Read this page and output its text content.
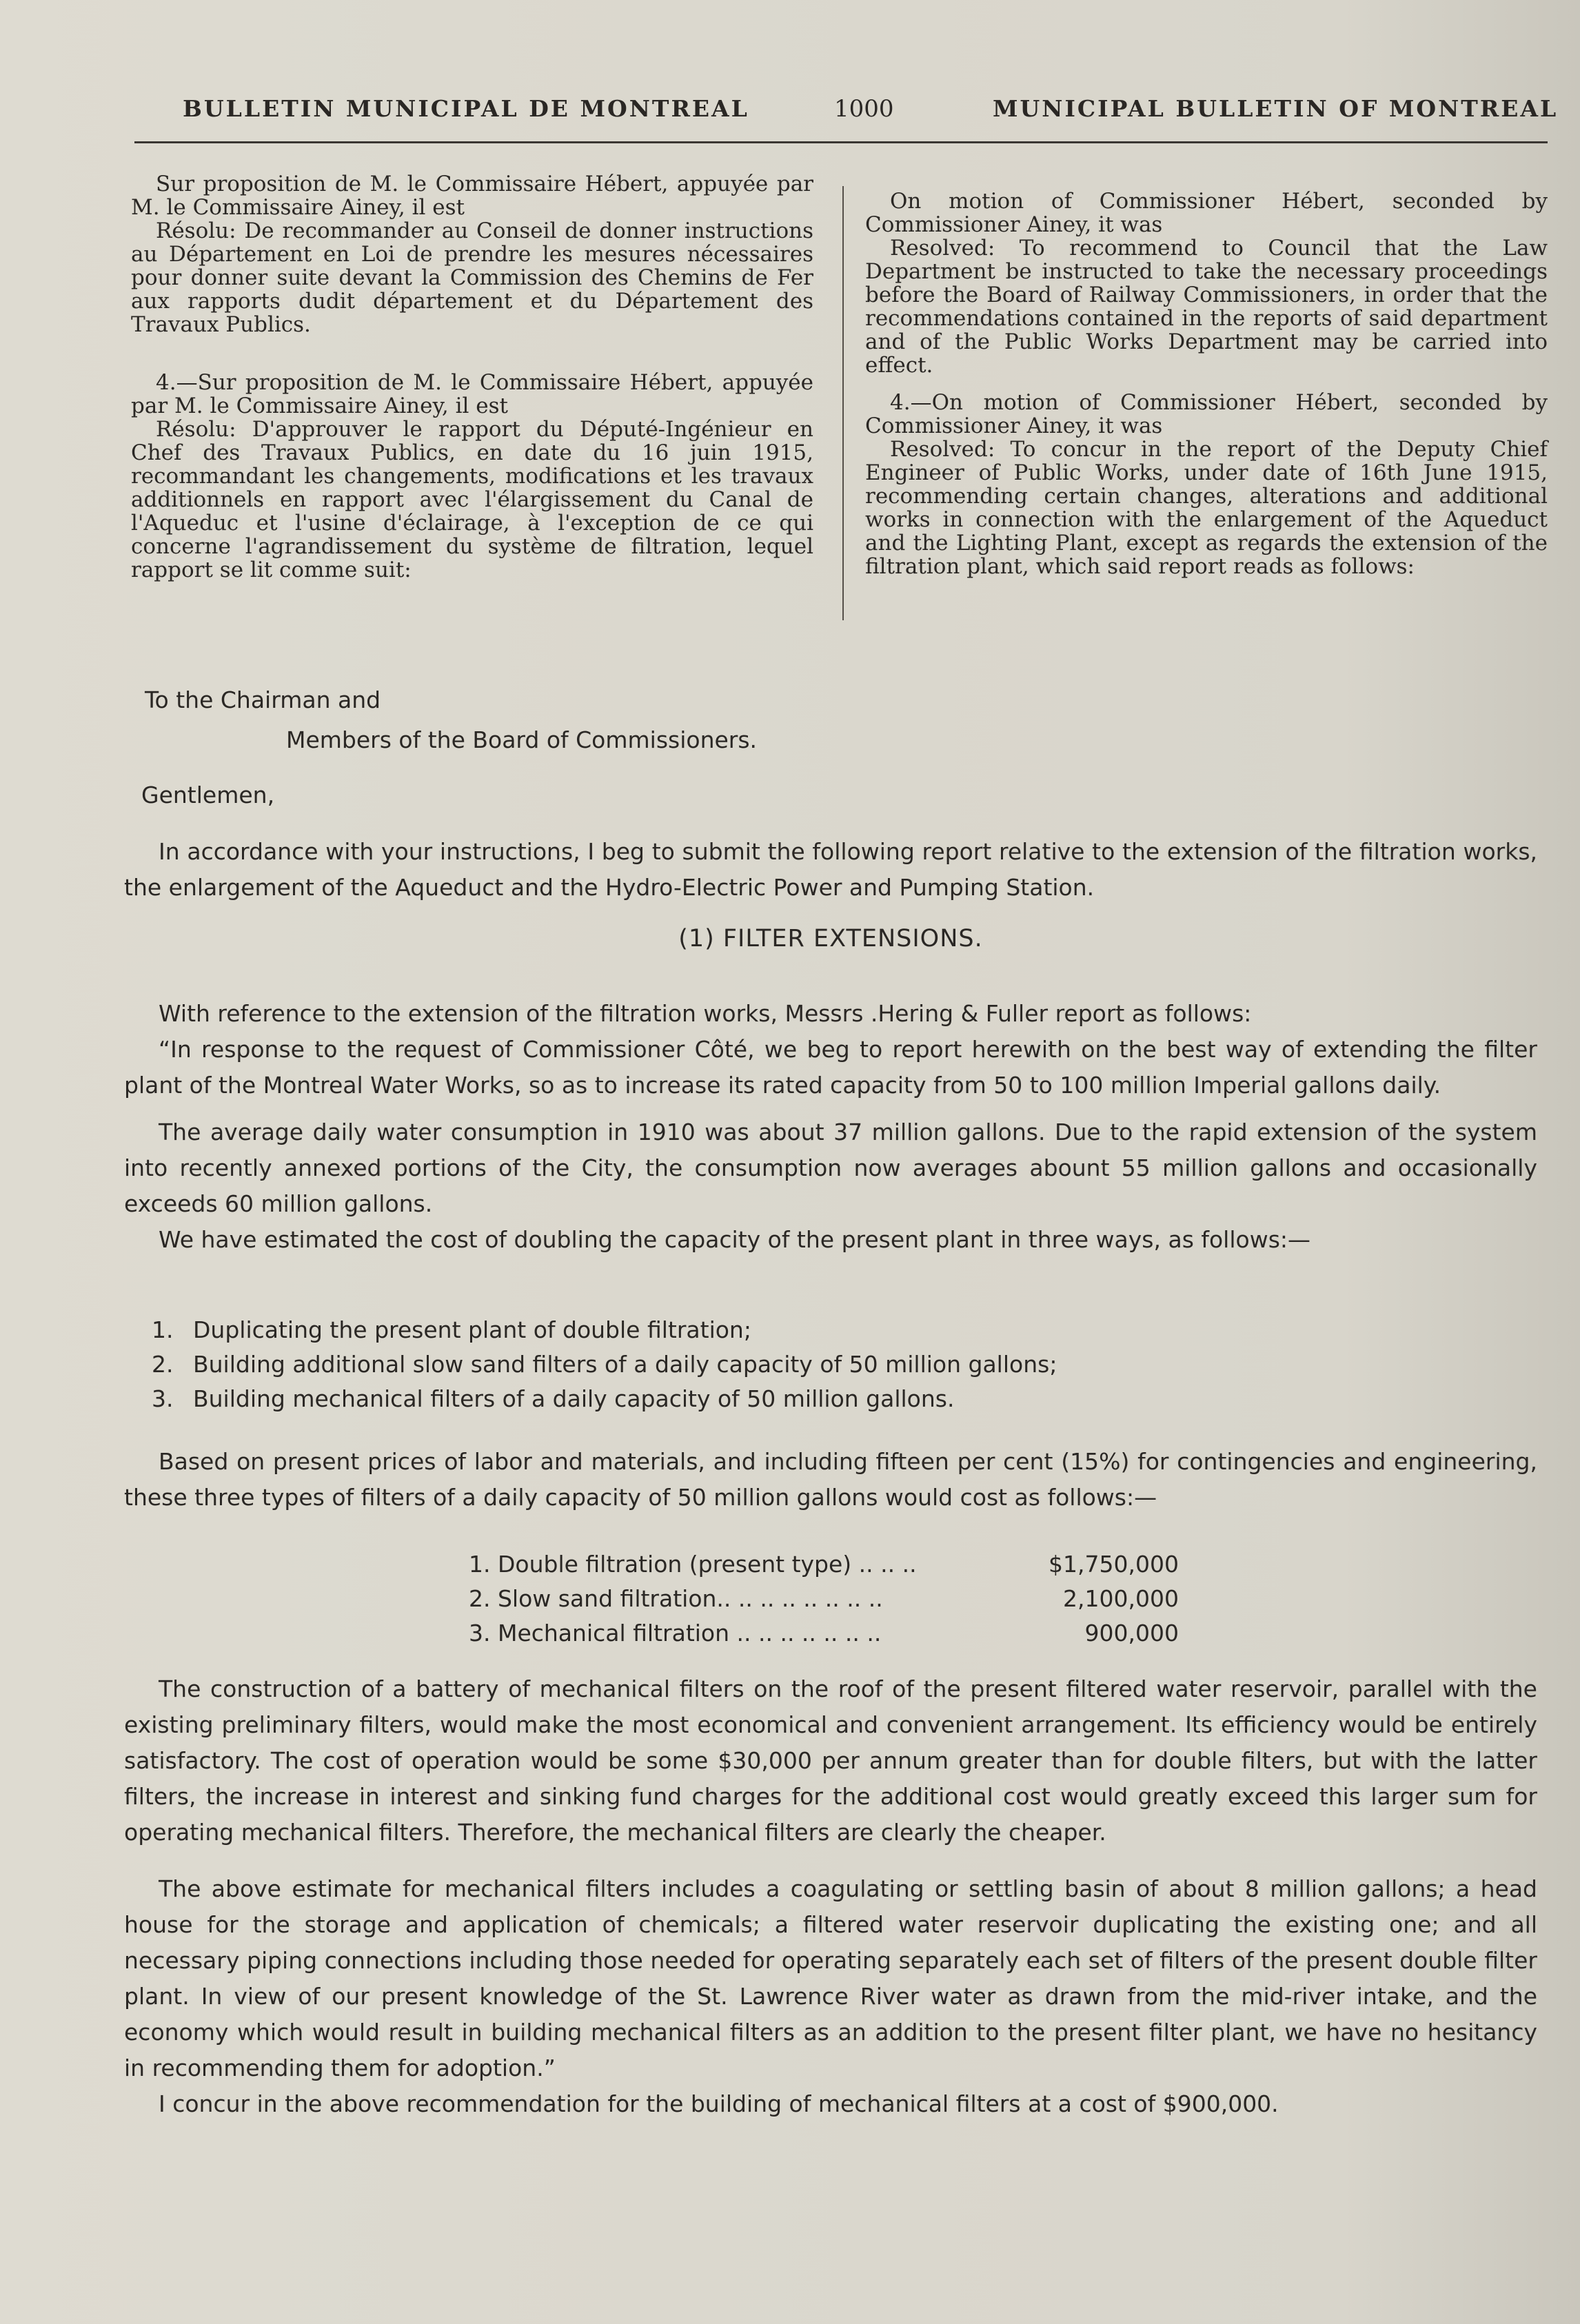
BULLETIN MUNICIPAL DE MONTREAL	1000	MUNICIPAL BULLETIN OF MONTREAL

Sur proposition de M. le Commissaire Hébert, appuyée par M. le Commissaire Ainey, il est

Résolu: De recommander au Conseil de donner instructions au Département en Loi de prendre les mesures nécessaires pour donner suite devant la Commission des Chemins de Fer aux rapports dudit département et du Département des Travaux Publics.

4.—Sur proposition de M. le Commissaire Hébert, appuyée par M. le Commissaire Ainey, il est

Résolu: D'approuver le rapport du Député-Ingénieur en Chef des Travaux Publics, en date du 16 juin 1915, recommandant les changements, modifications et les travaux additionnels en rapport avec l'élargissement du Canal de l'Aqueduc et l'usine d'éclairage, à l'exception de ce qui concerne l'agrandissement du système de filtration, lequel rapport se lit comme suit:

On motion of Commissioner Hébert, seconded by Commissioner Ainey, it was

Resolved: To recommend to Council that the Law Department be instructed to take the necessary proceedings before the Board of Railway Commissioners, in order that the recommendations contained in the reports of said department and of the Public Works Department may be carried into effect.

4.—On motion of Commissioner Hébert, seconded by Commissioner Ainey, it was

Resolved: To concur in the report of the Deputy Chief Engineer of Public Works, under date of 16th June 1915, recommending certain changes, alterations and additional works in connection with the enlargement of the Aqueduct and the Lighting Plant, except as regards the extension of the filtration plant, which said report reads as follows:

To the Chairman and

Members of the Board of Commissioners.

Gentlemen,

In accordance with your instructions, I beg to submit the following report relative to the extension of the filtration works, the enlargement of the Aqueduct and the Hydro-Electric Power and Pumping Station.

(1) FILTER EXTENSIONS.

With reference to the extension of the filtration works, Messrs .Hering & Fuller report as follows:

“In response to the request of Commissioner Côté, we beg to report herewith on the best way of extending the filter plant of the Montreal Water Works, so as to increase its rated capacity from 50 to 100 million Imperial gallons daily.

The average daily water consumption in 1910 was about 37 million gallons. Due to the rapid extension of the system into recently annexed portions of the City, the consumption now averages abount 55 million gallons and occasionally exceeds 60 million gallons.

We have estimated the cost of doubling the capacity of the present plant in three ways, as follows:—

1. Duplicating the present plant of double filtration;
2. Building additional slow sand filters of a daily capacity of 50 million gallons;
3. Building mechanical filters of a daily capacity of 50 million gallons.

Based on present prices of labor and materials, and including fifteen per cent (15%) for contingencies and engineering, these three types of filters of a daily capacity of 50 million gallons would cost as follows:—

1. Double filtration (present type) .. .. ..	$1,750,000
2. Slow sand filtration.. .. .. .. .. .. .. ..	2,100,000
3. Mechanical filtration .. .. .. .. .. .. ..	900,000

The construction of a battery of mechanical filters on the roof of the present filtered water reservoir, parallel with the existing preliminary filters, would make the most economical and convenient arrangement. Its efficiency would be entirely satisfactory. The cost of operation would be some $30,000 per annum greater than for double filters, but with the latter filters, the increase in interest and sinking fund charges for the additional cost would greatly exceed this larger sum for operating mechanical filters. Therefore, the mechanical filters are clearly the cheaper.

The above estimate for mechanical filters includes a coagulating or settling basin of about 8 million gallons; a head house for the storage and application of chemicals; a filtered water reservoir duplicating the existing one; and all necessary piping connections including those needed for operating separately each set of filters of the present double filter plant. In view of our present knowledge of the St. Lawrence River water as drawn from the mid-river intake, and the economy which would result in building mechanical filters as an addition to the present filter plant, we have no hesitancy in recommending them for adoption.”

I concur in the above recommendation for the building of mechanical filters at a cost of $900,000.
